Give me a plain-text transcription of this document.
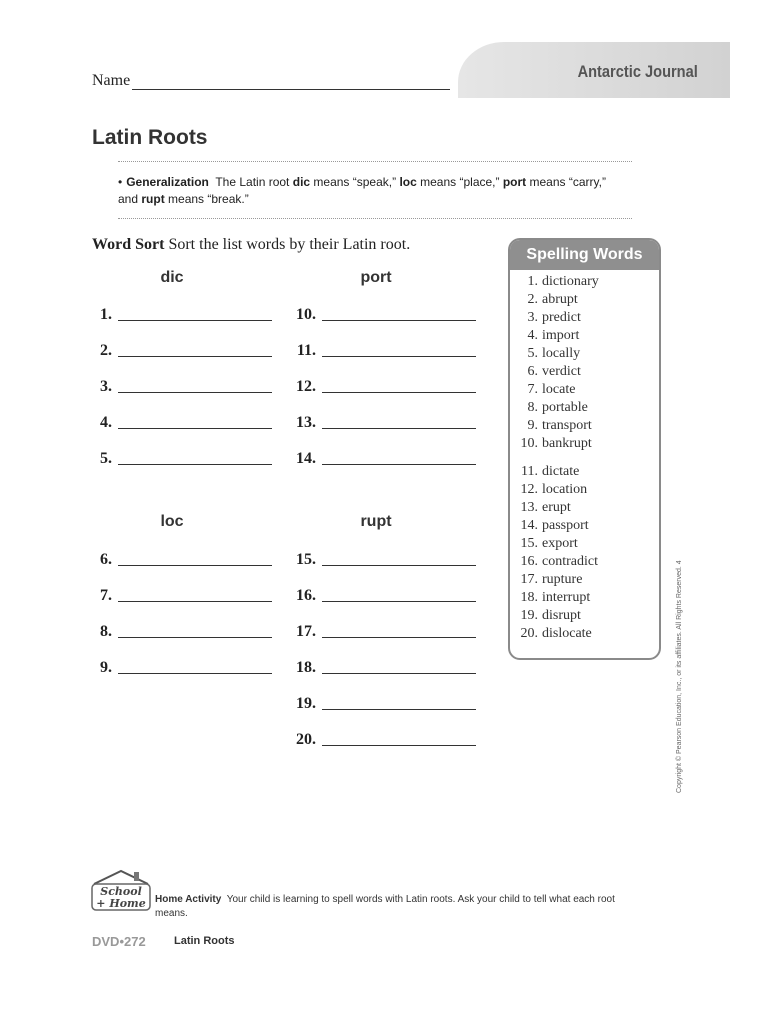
Name	Antarctic Journal
Latin Roots
• Generalization The Latin root dic means “speak,” loc means “place,” port means “carry,” and rupt means “break.”
Word Sort Sort the list words by their Latin root.
dic	port
loc	rupt
1.
2.
3.
4.
5.
6.
7.
8.
9.
10.
11.
12.
13.
14.
15.
16.
17.
18.
19.
20.
Spelling Words
1. dictionary
2. abrupt
3. predict
4. import
5. locally
6. verdict
7. locate
8. portable
9. transport
10. bankrupt
11. dictate
12. location
13. erupt
14. passport
15. export
16. contradict
17. rupture
18. interrupt
19. disrupt
20. dislocate	Copyright © Pearson Education, Inc., or its affiliates. All Rights Reserved. 4
School
+ Home Home Activity Your child is learning to spell words with Latin roots. Ask your child to tell what each root means.
DVD•272	Latin Roots
